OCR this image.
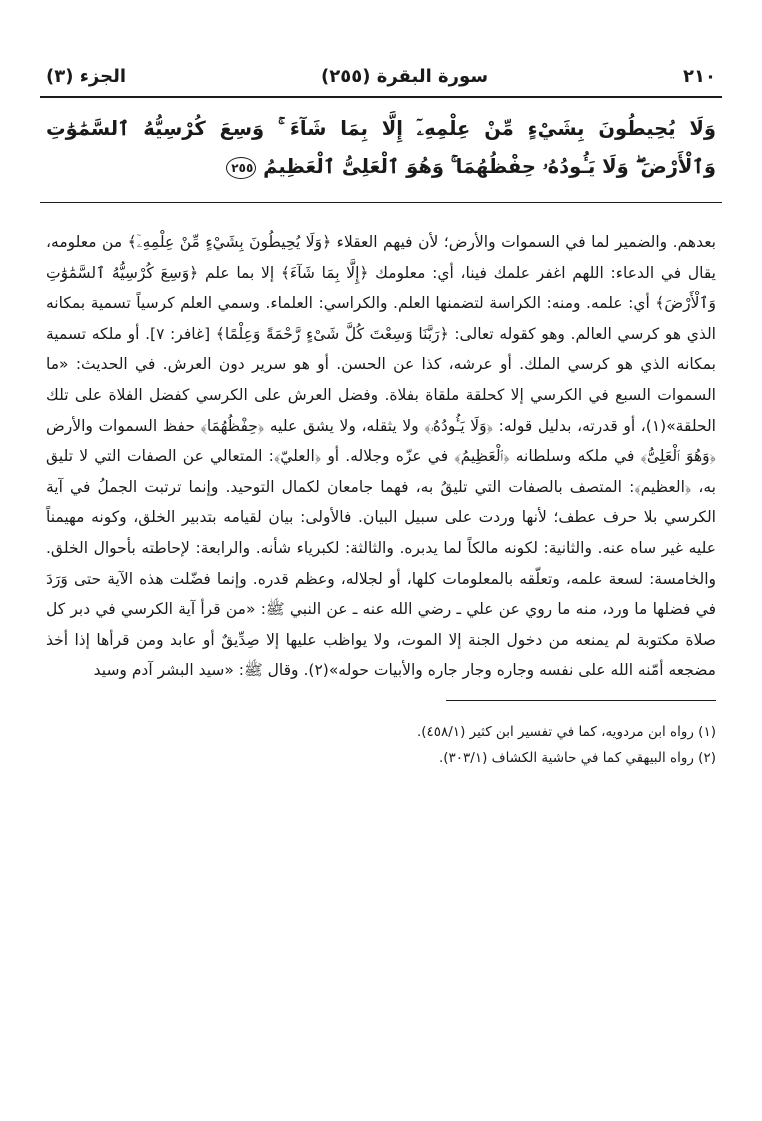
٢١٠
سورة البقرة (٢٥٥)
الجزء (٣)
وَلَا يُحِيطُونَ بِشَيْءٍ مِّنْ عِلْمِهِۦٓ إِلَّا بِمَا شَآءَ ۚ وَسِعَ كُرْسِيُّهُ ٱلسَّمَٰوَٰتِ وَٱلْأَرْضَ ۖ وَلَا يَـُٔودُهُۥ حِفْظُهُمَا ۚ وَهُوَ ٱلْعَلِىُّ ٱلْعَظِيمُ ٢٥٥
بعدهم. والضمير لما في السموات والأرض؛ لأن فيهم العقلاء ﴿وَلَا يُحِيطُونَ بِشَيْءٍ مِّنْ عِلْمِهِۦٓ﴾ من معلومه، يقال في الدعاء: اللهم اغفر علمك فينا، أي: معلومك ﴿إِلَّا بِمَا شَآءَ﴾ إلا بما علم ﴿وَسِعَ كُرْسِيُّهُ ٱلسَّمَٰوَٰتِ وَٱلْأَرْضَ﴾ أي: علمه. ومنه: الكراسة لتضمنها العلم. والكراسي: العلماء. وسمي العلم كرسياً تسمية بمكانه الذي هو كرسي العالم. وهو كقوله تعالى: ﴿رَبَّنَا وَسِعْتَ كُلَّ شَىْءٍ رَّحْمَةً وَعِلْمًا﴾ [غافر: ٧]. أو ملكه تسمية بمكانه الذي هو كرسي الملك. أو عرشه، كذا عن الحسن. أو هو سرير دون العرش. في الحديث: «ما السموات السبع في الكرسي إلا كحلقة ملقاة بفلاة. وفضل العرش على الكرسي كفضل الفلاة على تلك الحلقة»(١)، أو قدرته، بدليل قوله: ﴿وَلَا يَـُٔودُهُۥ﴾ ولا يثقله، ولا يشق عليه ﴿حِفْظُهُمَا﴾ حفظ السموات والأرض ﴿وَهُوَ ٱلْعَلِىُّ﴾ في ملكه وسلطانه ﴿ٱلْعَظِيمُ﴾ في عزّه وجلاله. أو ﴿العليّ﴾: المتعالي عن الصفات التي لا تليق به، ﴿العظيم﴾: المتصف بالصفات التي تليقُ به، فهما جامعان لكمال التوحيد. وإنما ترتبت الجملُ في آية الكرسي بلا حرف عطف؛ لأنها وردت على سبيل البيان. فالأولى: بيان لقيامه بتدبير الخلق، وكونه مهيمناً عليه غير ساه عنه. والثانية: لكونه مالكاً لما يدبره. والثالثة: لكبرياء شأنه. والرابعة: لإحاطته بأحوال الخلق. والخامسة: لسعة علمه، وتعلّقه بالمعلومات كلها، أو لجلاله، وعظم قدره. وإنما فضّلت هذه الآية حتى وَرَدَ في فضلها ما ورد، منه ما روي عن علي ـ رضي الله عنه ـ عن النبي ﷺ: «من قرأ آية الكرسي في دبر كل صلاة مكتوبة لم يمنعه من دخول الجنة إلا الموت، ولا يواظب عليها إلا صِدِّيقٌ أو عابد ومن قرأها إذا أخذ مضجعه أمّنه الله على نفسه وجاره وجار جاره والأبيات حوله»(٢). وقال ﷺ: «سيد البشر آدم وسيد
(١) رواه ابن مردويه، كما في تفسير ابن كثير (٤٥٨/١).
(٢) رواه البيهقي كما في حاشية الكشاف (٣٠٣/١).
